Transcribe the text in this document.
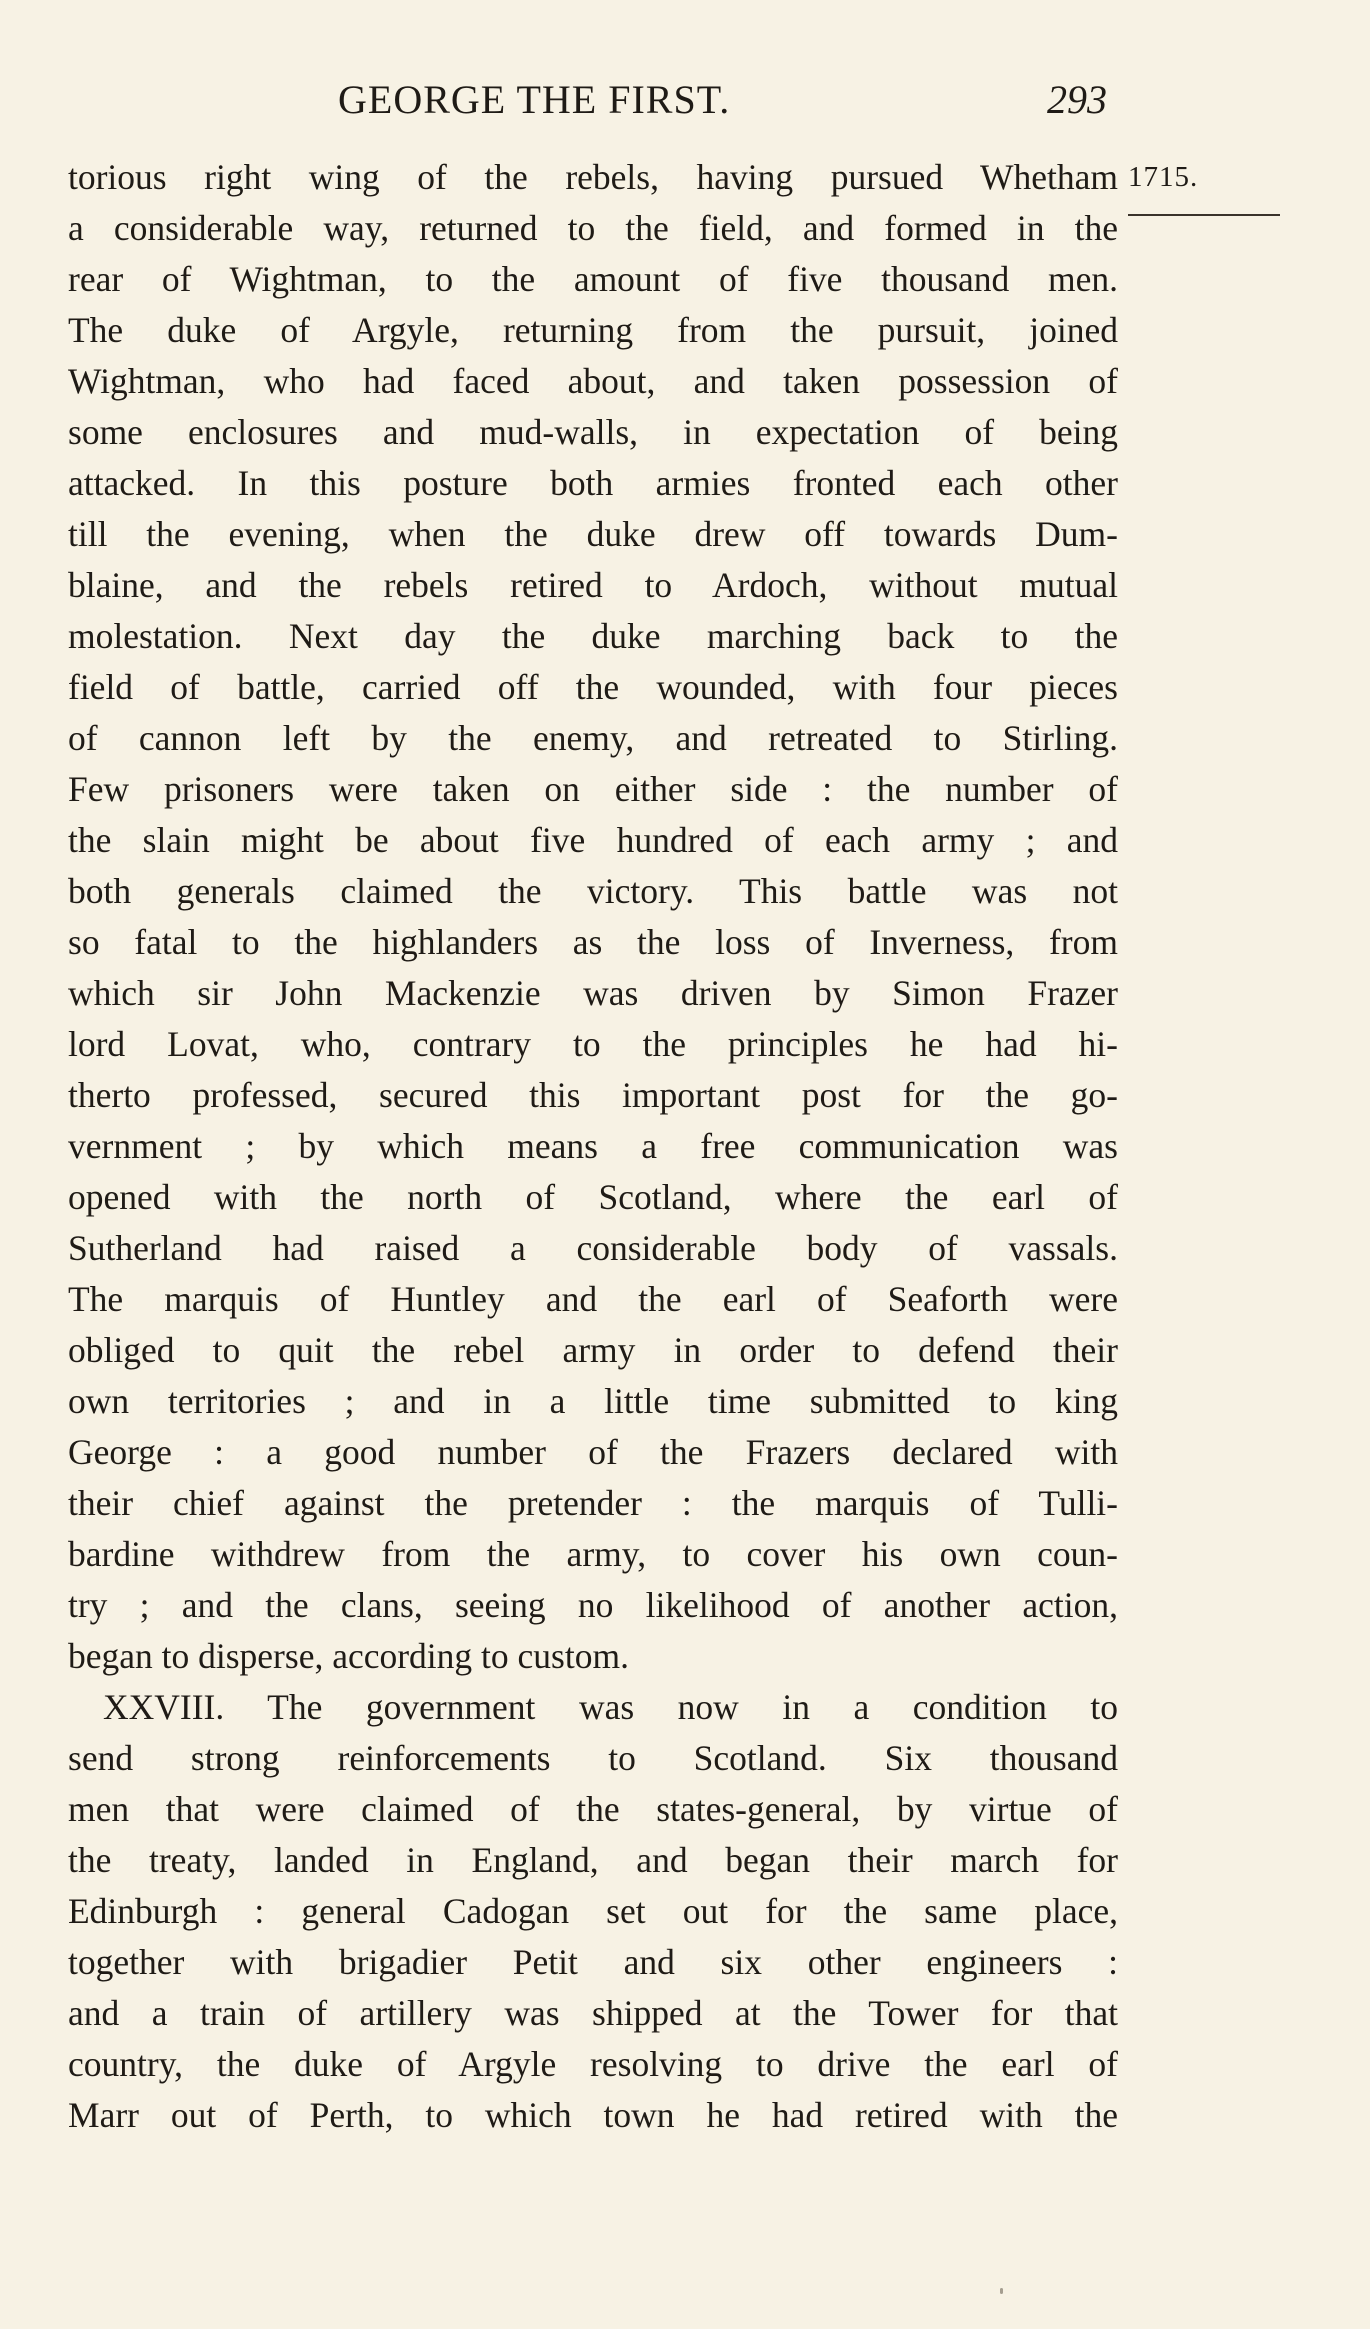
GEORGE THE FIRST.	293
1715.
torious right wing of the rebels, having pursued Whetham
a considerable way, returned to the field, and formed in the
rear of Wightman, to the amount of five thousand men.
The duke of Argyle, returning from the pursuit, joined
Wightman, who had faced about, and taken possession of
some enclosures and mud-walls, in expectation of being
attacked. In this posture both armies fronted each other
till the evening, when the duke drew off towards Dum-
blaine, and the rebels retired to Ardoch, without mutual
molestation. Next day the duke marching back to the
field of battle, carried off the wounded, with four pieces
of cannon left by the enemy, and retreated to Stirling.
Few prisoners were taken on either side : the number of
the slain might be about five hundred of each army ; and
both generals claimed the victory. This battle was not
so fatal to the highlanders as the loss of Inverness, from
which sir John Mackenzie was driven by Simon Frazer
lord Lovat, who, contrary to the principles he had hi-
therto professed, secured this important post for the go-
vernment ; by which means a free communication was
opened with the north of Scotland, where the earl of
Sutherland had raised a considerable body of vassals.
The marquis of Huntley and the earl of Seaforth were
obliged to quit the rebel army in order to defend their
own territories ; and in a little time submitted to king
George : a good number of the Frazers declared with
their chief against the pretender : the marquis of Tulli-
bardine withdrew from the army, to cover his own coun-
try ; and the clans, seeing no likelihood of another action,
began to disperse, according to custom.
XXVIII. The government was now in a condition to
send strong reinforcements to Scotland. Six thousand
men that were claimed of the states-general, by virtue of
the treaty, landed in England, and began their march for
Edinburgh : general Cadogan set out for the same place,
together with brigadier Petit and six other engineers :
and a train of artillery was shipped at the Tower for that
country, the duke of Argyle resolving to drive the earl of
Marr out of Perth, to which town he had retired with the
